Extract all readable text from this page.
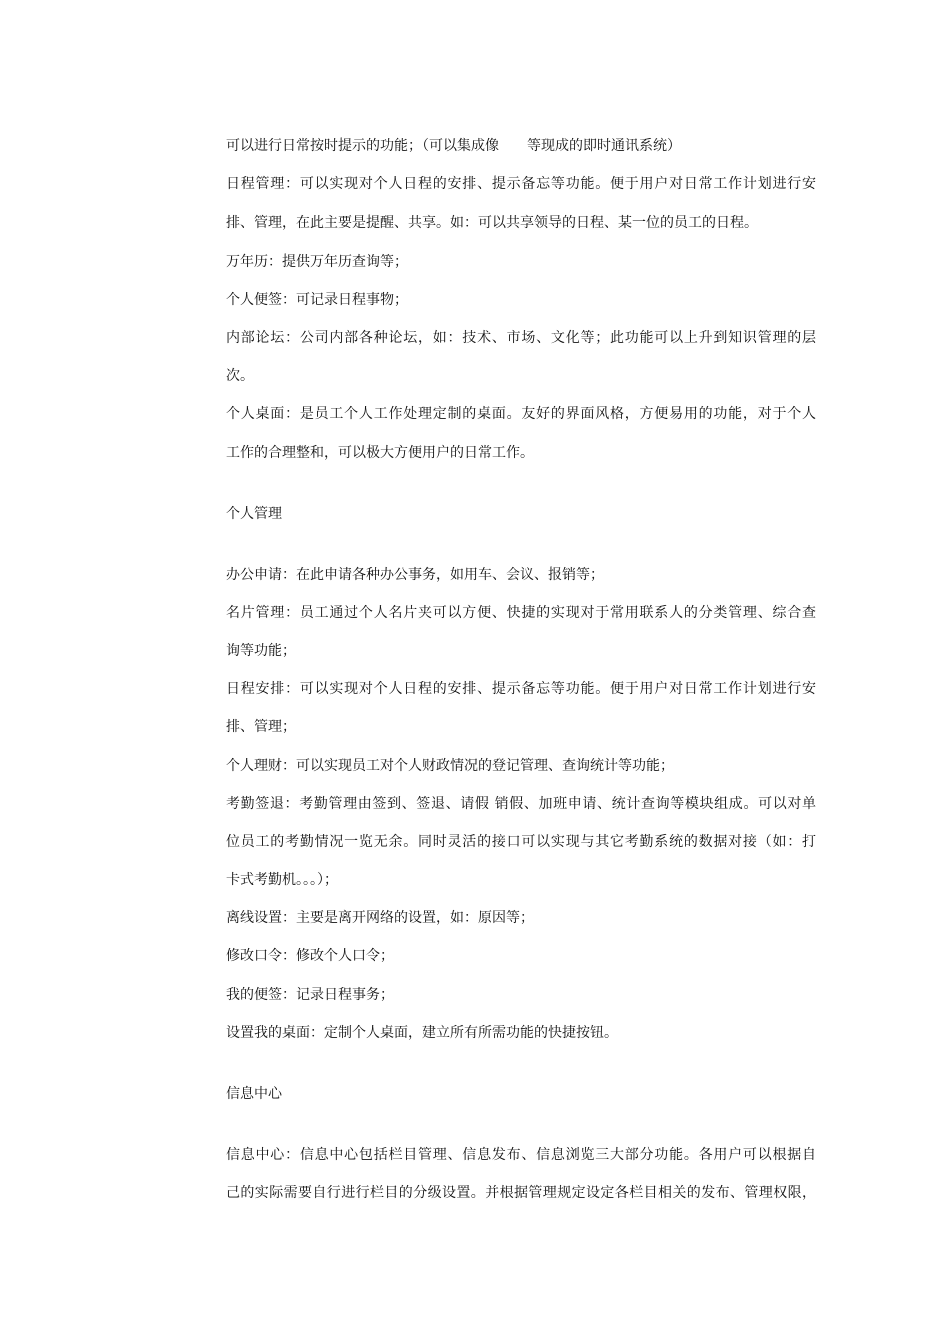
可以进行日常按时提示的功能；（可以集成像 等现成的即时通讯系统）
日程管理：可以实现对个人日程的安排、提示备忘等功能。便于用户对日常工作计划进行安
排、管理，在此主要是提醒、共享。如：可以共享领导的日程、某一位的员工的日程。
万年历：提供万年历查询等；
个人便签：可记录日程事物；
内部论坛：公司内部各种论坛，如：技术、市场、文化等；此功能可以上升到知识管理的层
次。
个人桌面：是员工个人工作处理定制的桌面。友好的界面风格，方便易用的功能，对于个人
工作的合理整和，可以极大方便用户的日常工作。
个人管理
办公申请：在此申请各种办公事务，如用车、会议、报销等；
名片管理：员工通过个人名片夹可以方便、快捷的实现对于常用联系人的分类管理、综合查
询等功能；
日程安排：可以实现对个人日程的安排、提示备忘等功能。便于用户对日常工作计划进行安
排、管理；
个人理财：可以实现员工对个人财政情况的登记管理、查询统计等功能；
考勤签退：考勤管理由签到、签退、请假 销假、加班申请、统计查询等模块组成。可以对单
位员工的考勤情况一览无余。同时灵活的接口可以实现与其它考勤系统的数据对接（如：打
卡式考勤机。。。）；
离线设置：主要是离开网络的设置，如：原因等；
修改口令：修改个人口令；
我的便签：记录日程事务；
设置我的桌面：定制个人桌面，建立所有所需功能的快捷按钮。
信息中心
信息中心：信息中心包括栏目管理、信息发布、信息浏览三大部分功能。各用户可以根据自
己的实际需要自行进行栏目的分级设置。并根据管理规定设定各栏目相关的发布、管理权限，
